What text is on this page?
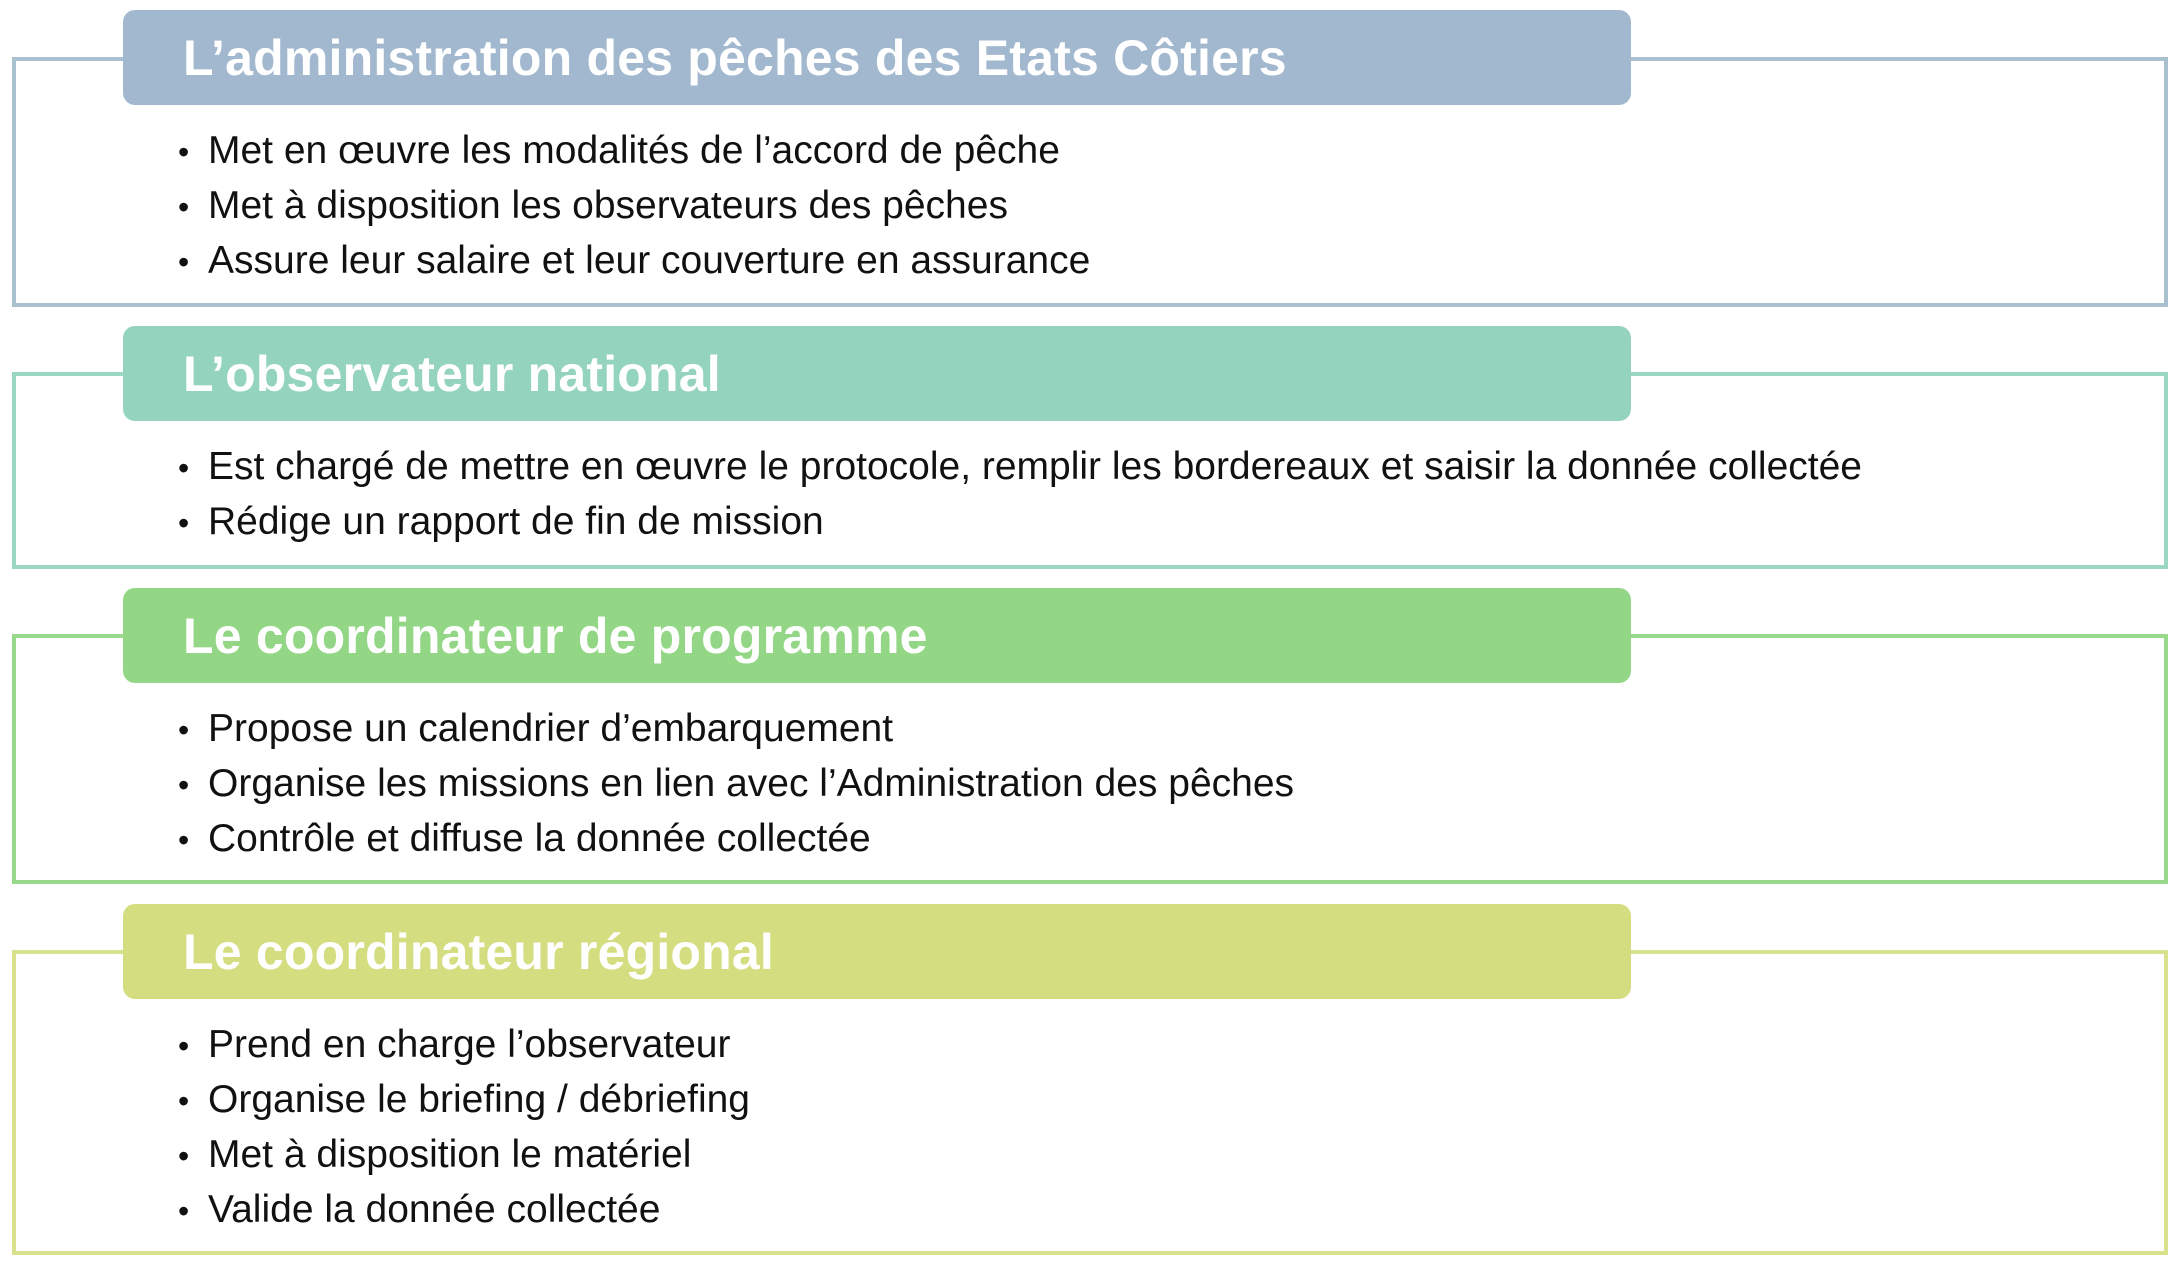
L’administration des pêches des Etats Côtiers
• Met en œuvre les modalités de l’accord de pêche
• Met à disposition les observateurs des pêches
• Assure leur salaire et leur couverture en assurance
L’observateur national
• Est chargé de mettre en œuvre le protocole, remplir les bordereaux et saisir la donnée collectée
• Rédige un rapport de fin de mission
Le coordinateur de programme
• Propose un calendrier d’embarquement
• Organise les missions en lien avec l’Administration des pêches
• Contrôle et diffuse la donnée collectée
Le coordinateur régional
• Prend en charge l’observateur
• Organise le briefing / débriefing
• Met à disposition le matériel
• Valide la donnée collectée
